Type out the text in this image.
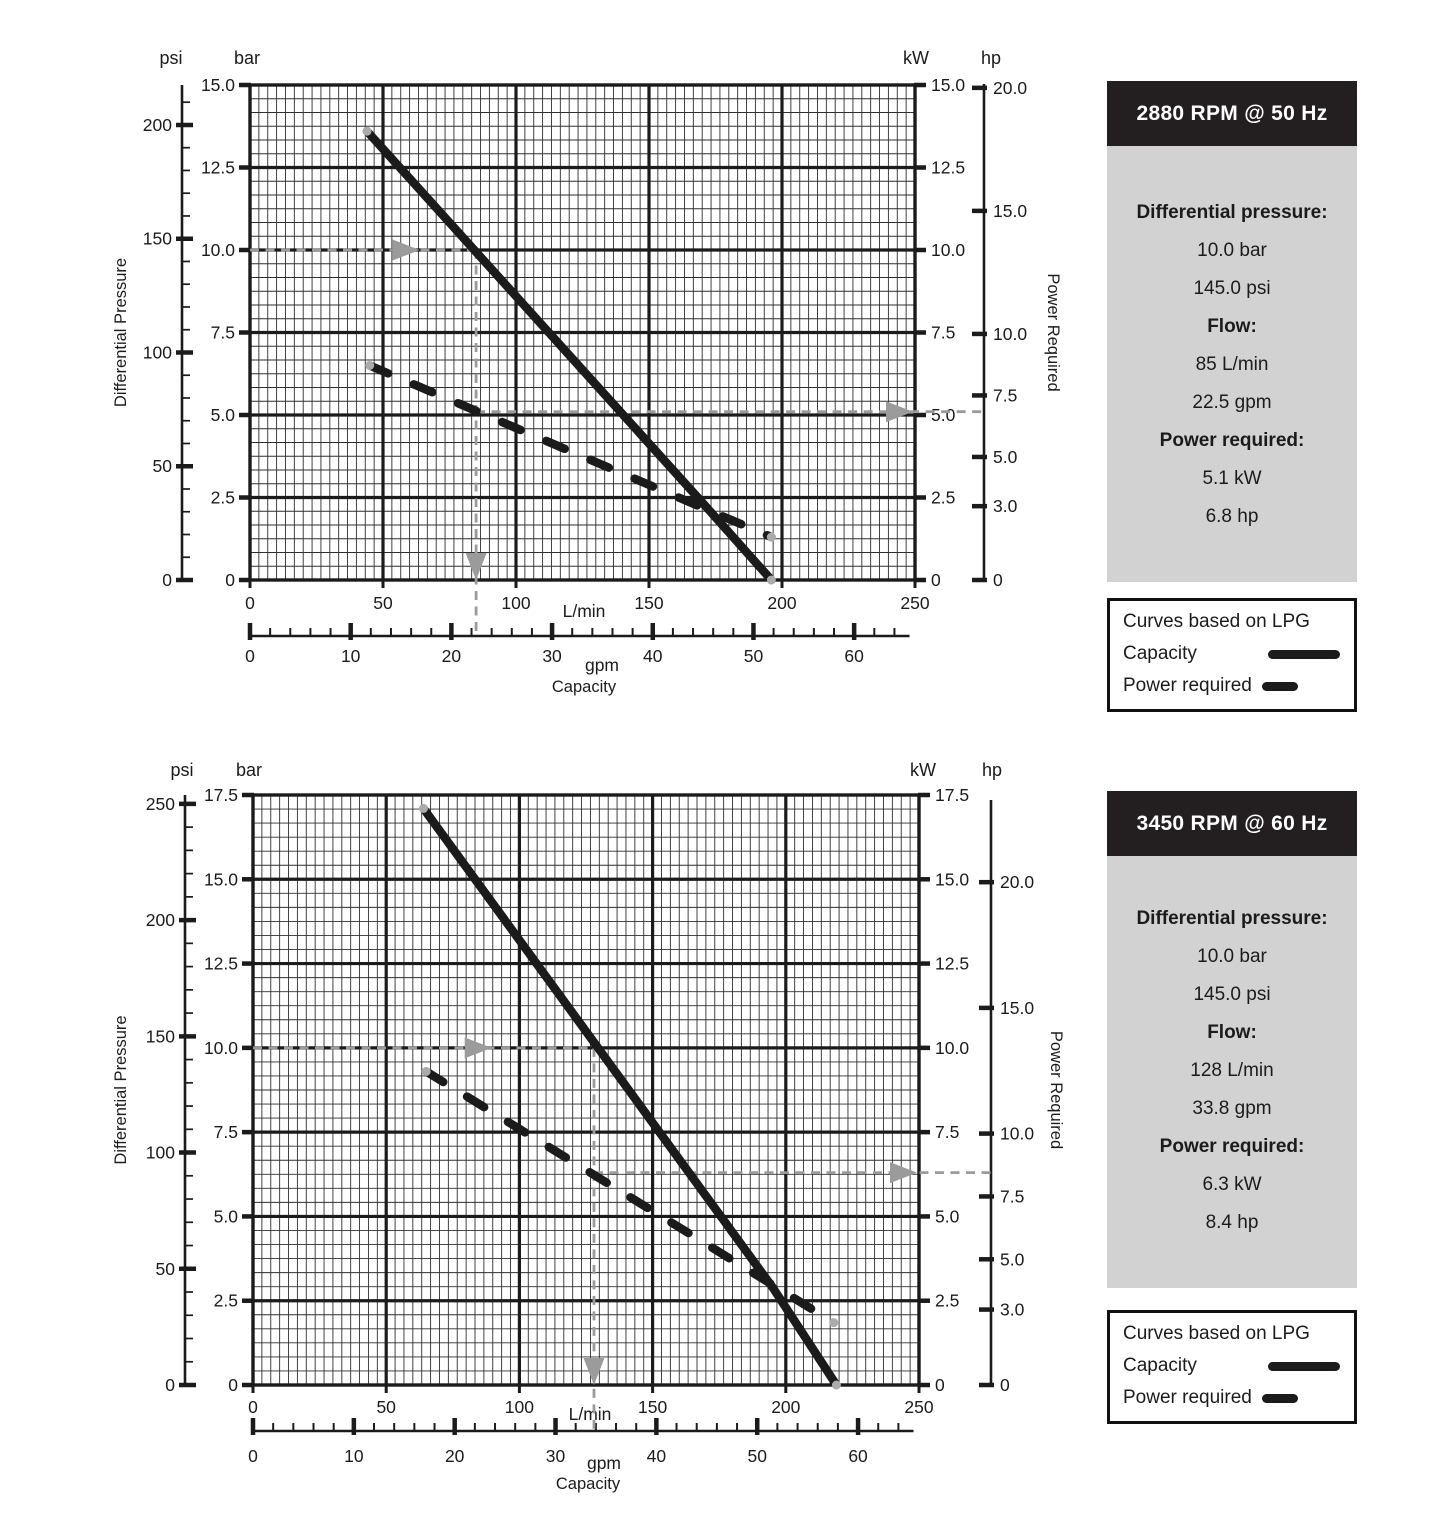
0
2.5
5.0
7.5
10.0
12.5
15.0
0
2.5
5.0
7.5
10.0
12.5
15.0
0
50
100
150
200
20.0
15.0
10.0
7.5
5.0
3.0
0
0	50	100	150	200	250
L/min
0	10	20	30	40	50	60
gpm
Capacity
psi	bar	kW	hp
Differential Pressure	Power Required
0
2.5
5.0
7.5
10.0
12.5
15.0
17.5
0
2.5
5.0
7.5
10.0
12.5
15.0
17.5
0
50
100
150
200
250
20.0
15.0
10.0
7.5
5.0
3.0
0
0	50	100	150	200	250
L/min
0	10	20	30	40	50	60
gpm
Capacity
psi bar	kW	hp
Differential Pressure	Power Required
2880 RPM @ 50 Hz
Differential pressure:
10.0 bar
145.0 psi
Flow:
85 L/min
22.5 gpm
Power required:
5.1 kW
6.8 hp
Curves based on LPG
Capacity
Power required
3450 RPM @ 60 Hz
Differential pressure:
10.0 bar
145.0 psi
Flow:
128 L/min
33.8 gpm
Power required:
6.3 kW
8.4 hp
Curves based on LPG
Capacity
Power required
